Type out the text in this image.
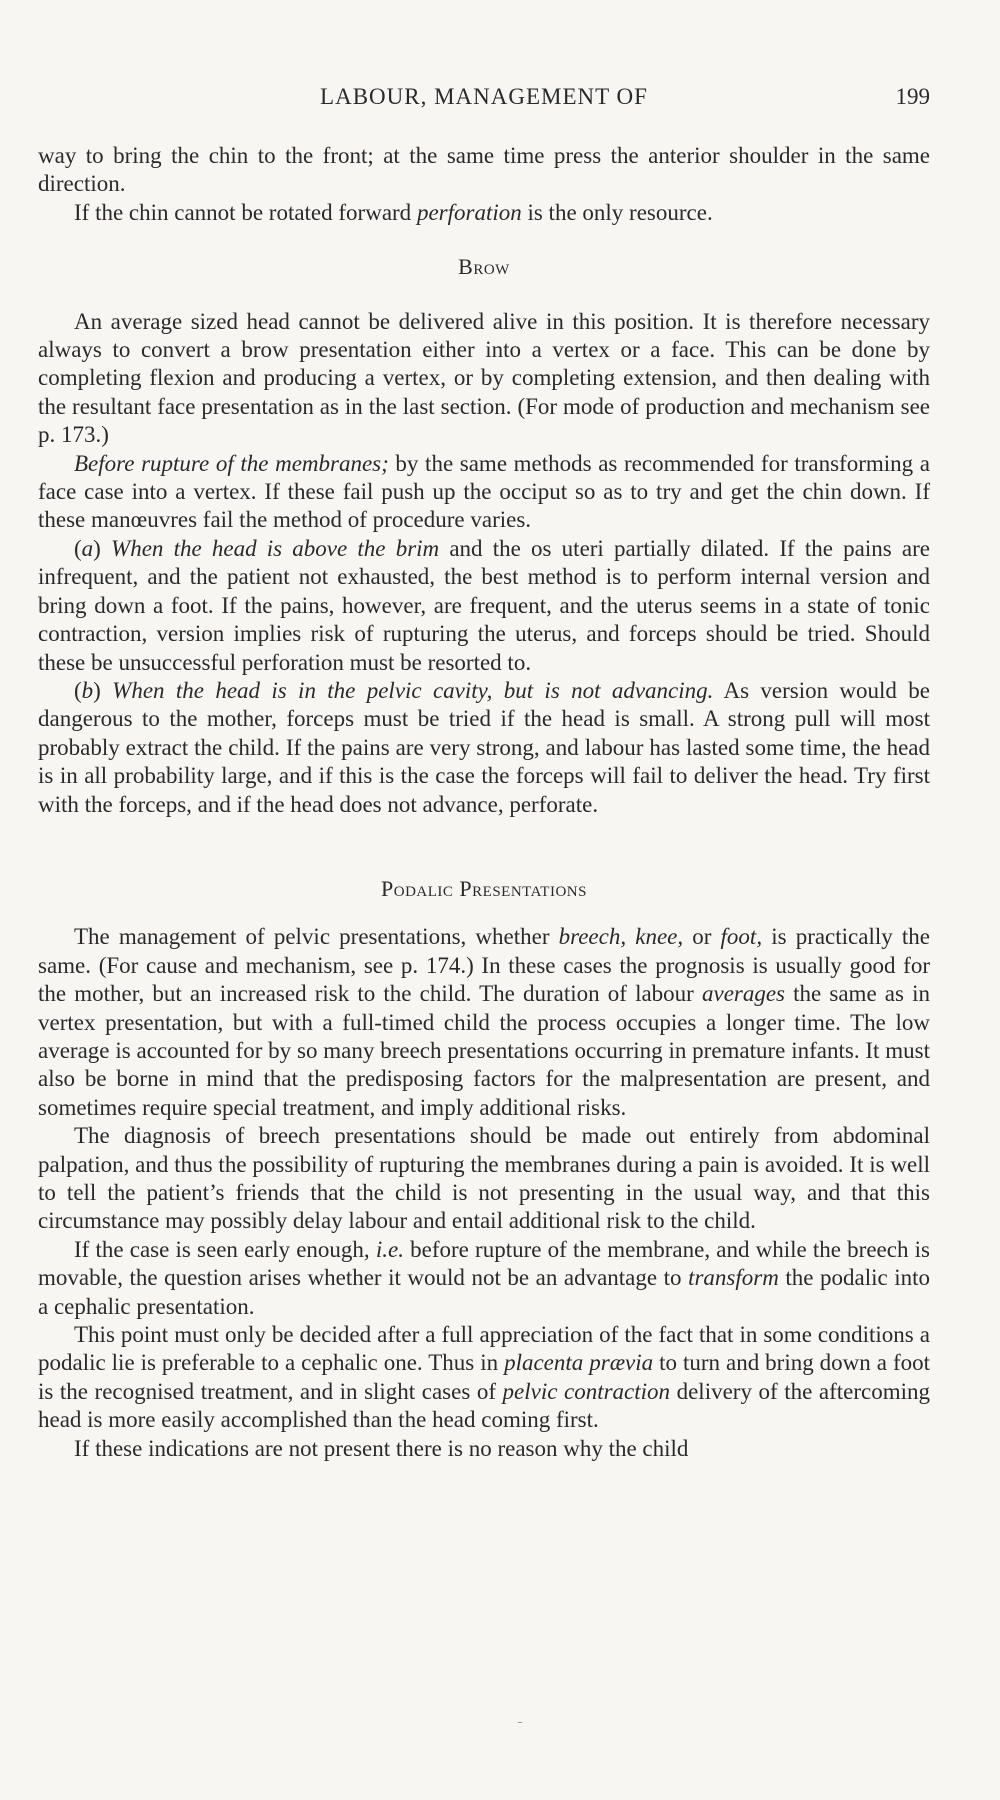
LABOUR, MANAGEMENT OF	199

way to bring the chin to the front; at the same time press the anterior shoulder in the same direction.

If the chin cannot be rotated forward perforation is the only resource.

Brow

An average sized head cannot be delivered alive in this position. It is therefore necessary always to convert a brow presentation either into a vertex or a face. This can be done by completing flexion and producing a vertex, or by completing extension, and then dealing with the resultant face presentation as in the last section. (For mode of production and mechanism see p. 173.)

Before rupture of the membranes; by the same methods as recommended for transforming a face case into a vertex. If these fail push up the occiput so as to try and get the chin down. If these manœuvres fail the method of procedure varies.

(a) When the head is above the brim and the os uteri partially dilated. If the pains are infrequent, and the patient not exhausted, the best method is to perform internal version and bring down a foot. If the pains, however, are frequent, and the uterus seems in a state of tonic contraction, version implies risk of rupturing the uterus, and forceps should be tried. Should these be unsuccessful perforation must be resorted to.

(b) When the head is in the pelvic cavity, but is not advancing. As version would be dangerous to the mother, forceps must be tried if the head is small. A strong pull will most probably extract the child. If the pains are very strong, and labour has lasted some time, the head is in all probability large, and if this is the case the forceps will fail to deliver the head. Try first with the forceps, and if the head does not advance, perforate.

Podalic Presentations

The management of pelvic presentations, whether breech, knee, or foot, is practically the same. (For cause and mechanism, see p. 174.) In these cases the prognosis is usually good for the mother, but an increased risk to the child. The duration of labour averages the same as in vertex presentation, but with a full-timed child the process occupies a longer time. The low average is accounted for by so many breech presentations occurring in premature infants. It must also be borne in mind that the predisposing factors for the malpresentation are present, and sometimes require special treatment, and imply additional risks.

The diagnosis of breech presentations should be made out entirely from abdominal palpation, and thus the possibility of rupturing the membranes during a pain is avoided. It is well to tell the patient’s friends that the child is not presenting in the usual way, and that this circumstance may possibly delay labour and entail additional risk to the child.

If the case is seen early enough, i.e. before rupture of the membrane, and while the breech is movable, the question arises whether it would not be an advantage to transform the podalic into a cephalic presentation.

This point must only be decided after a full appreciation of the fact that in some conditions a podalic lie is preferable to a cephalic one. Thus in placenta prævia to turn and bring down a foot is the recognised treatment, and in slight cases of pelvic contraction delivery of the aftercoming head is more easily accomplished than the head coming first.

If these indications are not present there is no reason why the child
